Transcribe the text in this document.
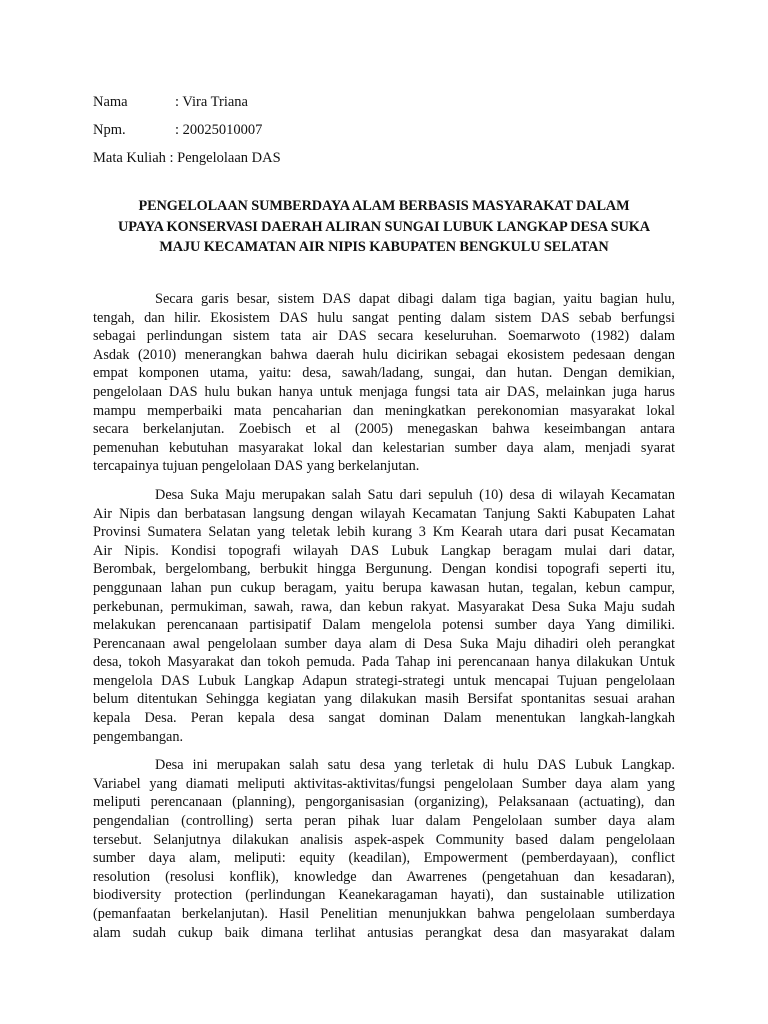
Nama	: Vira Triana
Npm.	: 20025010007
Mata Kuliah : Pengelolaan DAS
PENGELOLAAN SUMBERDAYA ALAM BERBASIS MASYARAKAT DALAM
UPAYA KONSERVASI DAERAH ALIRAN SUNGAI LUBUK LANGKAP DESA SUKA
MAJU KECAMATAN AIR NIPIS KABUPATEN BENGKULU SELATAN
Secara garis besar, sistem DAS dapat dibagi dalam tiga bagian, yaitu bagian hulu,
tengah, dan hilir. Ekosistem DAS hulu sangat penting dalam sistem DAS sebab berfungsi
sebagai perlindungan sistem tata air DAS secara keseluruhan. Soemarwoto (1982) dalam
Asdak (2010) menerangkan bahwa daerah hulu dicirikan sebagai ekosistem pedesaan dengan
empat komponen utama, yaitu: desa, sawah/ladang, sungai, dan hutan. Dengan demikian,
pengelolaan DAS hulu bukan hanya untuk menjaga fungsi tata air DAS, melainkan juga harus
mampu memperbaiki mata pencaharian dan meningkatkan perekonomian masyarakat lokal
secara berkelanjutan. Zoebisch et al (2005) menegaskan bahwa keseimbangan antara
pemenuhan kebutuhan masyarakat lokal dan kelestarian sumber daya alam, menjadi syarat
tercapainya tujuan pengelolaan DAS yang berkelanjutan.
Desa Suka Maju merupakan salah Satu dari sepuluh (10) desa di wilayah Kecamatan
Air Nipis dan berbatasan langsung dengan wilayah Kecamatan Tanjung Sakti Kabupaten Lahat
Provinsi Sumatera Selatan yang teletak lebih kurang 3 Km Kearah utara dari pusat Kecamatan
Air Nipis. Kondisi topografi wilayah DAS Lubuk Langkap beragam mulai dari datar,
Berombak, bergelombang, berbukit hingga Bergunung. Dengan kondisi topografi seperti itu,
penggunaan lahan pun cukup beragam, yaitu berupa kawasan hutan, tegalan, kebun campur,
perkebunan, permukiman, sawah, rawa, dan kebun rakyat. Masyarakat Desa Suka Maju sudah
melakukan perencanaan partisipatif Dalam mengelola potensi sumber daya Yang dimiliki.
Perencanaan awal pengelolaan sumber daya alam di Desa Suka Maju dihadiri oleh perangkat
desa, tokoh Masyarakat dan tokoh pemuda. Pada Tahap ini perencanaan hanya dilakukan Untuk
mengelola DAS Lubuk Langkap Adapun strategi-strategi untuk mencapai Tujuan pengelolaan
belum ditentukan Sehingga kegiatan yang dilakukan masih Bersifat spontanitas sesuai arahan
kepala Desa. Peran kepala desa sangat dominan Dalam menentukan langkah-langkah
pengembangan.
Desa ini merupakan salah satu desa yang terletak di hulu DAS Lubuk Langkap.
Variabel yang diamati meliputi aktivitas-aktivitas/fungsi pengelolaan Sumber daya alam yang
meliputi perencanaan (planning), pengorganisasian (organizing), Pelaksanaan (actuating), dan
pengendalian (controlling) serta peran pihak luar dalam Pengelolaan sumber daya alam
tersebut. Selanjutnya dilakukan analisis aspek-aspek Community based dalam pengelolaan
sumber daya alam, meliputi: equity (keadilan), Empowerment (pemberdayaan), conflict
resolution (resolusi konflik), knowledge dan Awarrenes (pengetahuan dan kesadaran),
biodiversity protection (perlindungan Keanekaragaman hayati), dan sustainable utilization
(pemanfaatan berkelanjutan). Hasil Penelitian menunjukkan bahwa pengelolaan sumberdaya
alam sudah cukup baik dimana terlihat antusias perangkat desa dan masyarakat dalam
